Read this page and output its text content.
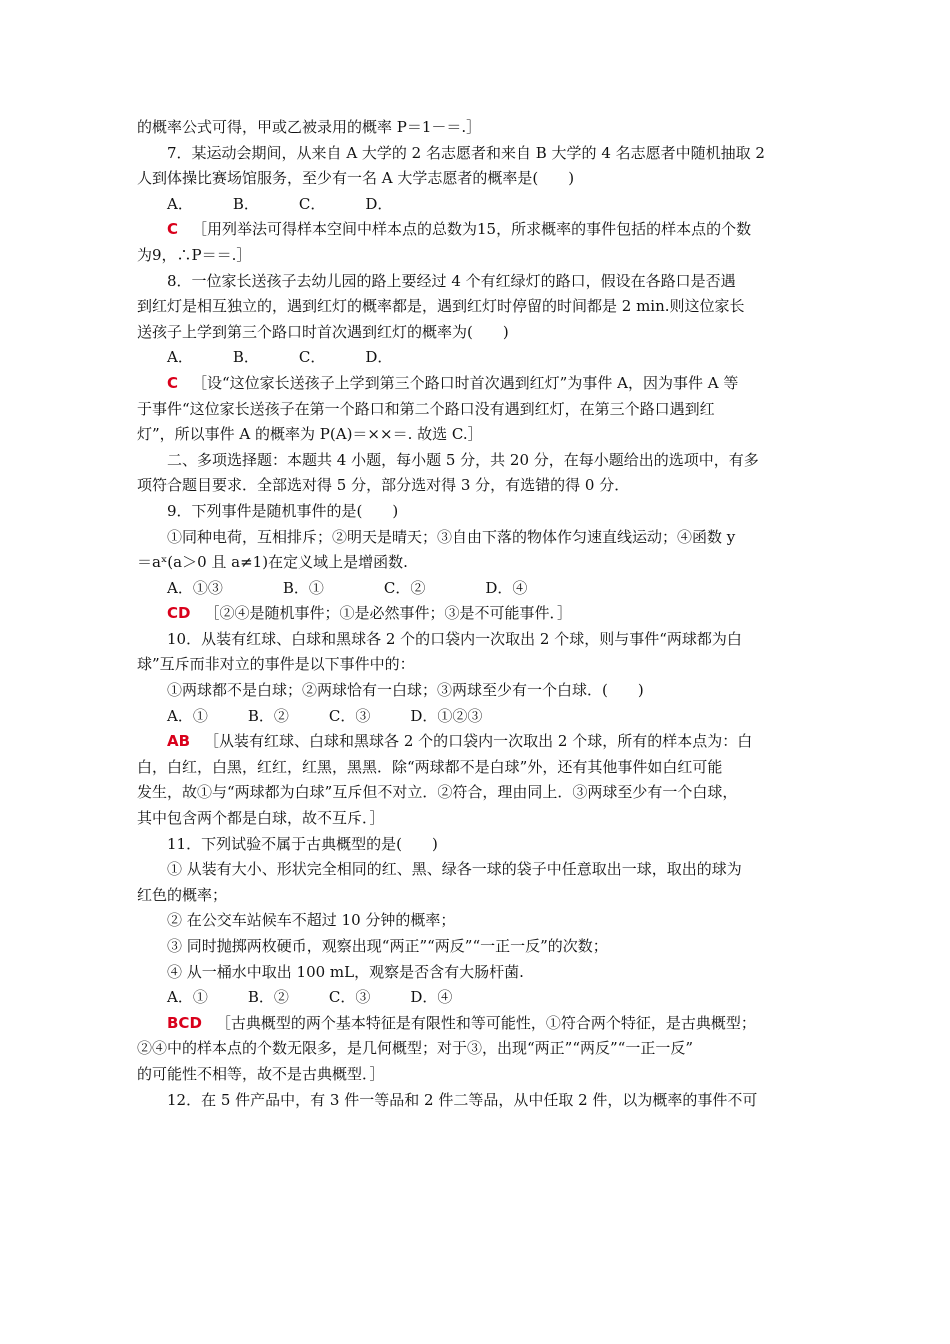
的概率公式可得，甲或乙被录用的概率 P＝1－＝.］
7．某运动会期间，从来自 A 大学的 2 名志愿者和来自 B 大学的 4 名志愿者中随机抽取 2
人到体操比赛场馆服务，至少有一名 A 大学志愿者的概率是(　　)
A．	B．	C．	D．
C ［用列举法可得样本空间中样本点的总数为15，所求概率的事件包括的样本点的个数
为9，∴P＝＝.］
8．一位家长送孩子去幼儿园的路上要经过 4 个有红绿灯的路口，假设在各路口是否遇
到红灯是相互独立的，遇到红灯的概率都是，遇到红灯时停留的时间都是 2 min.则这位家长
送孩子上学到第三个路口时首次遇到红灯的概率为(　　)
A．	B．	C．	D．
C ［设“这位家长送孩子上学到第三个路口时首次遇到红灯”为事件 A，因为事件 A 等
于事件“这位家长送孩子在第一个路口和第二个路口没有遇到红灯，在第三个路口遇到红
灯”，所以事件 A 的概率为 P(A)＝××＝. 故选 C.］
二、多项选择题：本题共 4 小题，每小题 5 分，共 20 分，在每小题给出的选项中，有多
项符合题目要求．全部选对得 5 分，部分选对得 3 分，有选错的得 0 分．
9．下列事件是随机事件的是(　　)
①同种电荷，互相排斥；②明天是晴天；③自由下落的物体作匀速直线运动；④函数 y
＝aˣ(a＞0 且 a≠1)在定义域上是增函数.
A．①③	B．①	C．②	D．④
CD ［②④是随机事件；①是必然事件；③是不可能事件．］
10．从装有红球、白球和黑球各 2 个的口袋内一次取出 2 个球，则与事件“两球都为白
球”互斥而非对立的事件是以下事件中的：
①两球都不是白球；②两球恰有一白球；③两球至少有一个白球．(　　)
A．①	B．②	C．③	D．①②③
AB ［从装有红球、白球和黑球各 2 个的口袋内一次取出 2 个球，所有的样本点为：白
白，白红，白黑，红红，红黑，黑黑．除“两球都不是白球”外，还有其他事件如白红可能
发生，故①与“两球都为白球”互斥但不对立．②符合，理由同上．③两球至少有一个白球，
其中包含两个都是白球，故不互斥．］
11．下列试验不属于古典概型的是(　　)
① 从装有大小、形状完全相同的红、黑、绿各一球的袋子中任意取出一球，取出的球为
红色的概率；
② 在公交车站候车不超过 10 分钟的概率；
③ 同时抛掷两枚硬币，观察出现“两正”“两反”“一正一反”的次数；
④ 从一桶水中取出 100 mL，观察是否含有大肠杆菌.
A．①	B．②	C．③	D．④
BCD ［古典概型的两个基本特征是有限性和等可能性，①符合两个特征，是古典概型；
②④中的样本点的个数无限多，是几何概型；对于③，出现“两正”“两反”“一正一反”
的可能性不相等，故不是古典概型．］
12．在 5 件产品中，有 3 件一等品和 2 件二等品，从中任取 2 件，以为概率的事件不可
